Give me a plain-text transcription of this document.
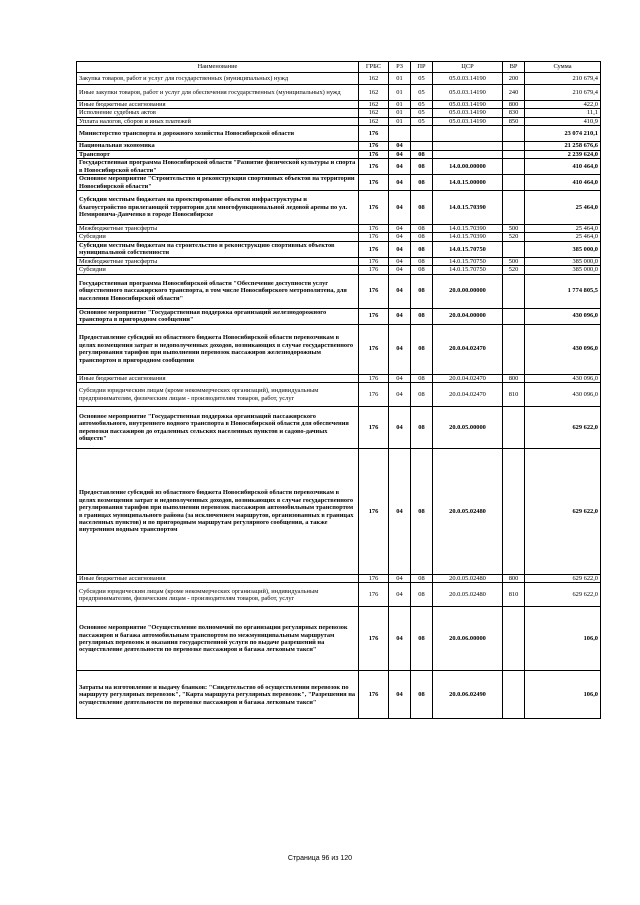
Наименование	ГРБС	РЗ	ПР	ЦСР	ВР	Сумма
Закупка товаров, работ и услуг для государственных (муниципальных) нужд	162	01	05	05.0.03.14190	200	210 679,4
Иные закупки товаров, работ и услуг для обеспечения государственных (муниципальных) нужд	162	01	05	05.0.03.14190	240	210 679,4
Иные бюджетные ассигнования	162	01	05	05.0.03.14190	800	422,0
Исполнение судебных актов	162	01	05	05.0.03.14190	830	11,1
Уплата налогов, сборов и иных платежей	162	01	05	05.0.03.14190	850	410,9
Министерство транспорта и дорожного хозяйства Новосибирской области	176					23 074 210,1
Национальная экономика	176	04				21 258 676,6
Транспорт	176	04	08			2 239 624,0
Государственная программа Новосибирской области "Развитие физической культуры и спорта в Новосибирской области"	176	04	08	14.0.00.00000		410 464,0
Основное мероприятие "Строительство и реконструкция спортивных объектов на территории Новосибирской области"	176	04	08	14.0.15.00000		410 464,0
Субсидии местным бюджетам на проектирование объектов инфраструктуры и благоустройство прилегающей территории для многофункциональной ледовой арены по ул. Немировича-Данченко в городе Новосибирске	176	04	08	14.0.15.70390		25 464,0
Межбюджетные трансферты	176	04	08	14.0.15.70390	500	25 464,0
Субсидии	176	04	08	14.0.15.70390	520	25 464,0
Субсидии местным бюджетам на строительство и реконструкцию спортивных объектов муниципальной собственности	176	04	08	14.0.15.70750		385 000,0
Межбюджетные трансферты	176	04	08	14.0.15.70750	500	385 000,0
Субсидии	176	04	08	14.0.15.70750	520	385 000,0
Государственная программа Новосибирской области "Обеспечение доступности услуг общественного пассажирского транспорта, в том числе Новосибирского метрополитена, для населения Новосибирской области"	176	04	08	20.0.00.00000		1 774 805,5
Основное мероприятие "Государственная поддержка организаций железнодорожного транспорта в пригородном сообщении"	176	04	08	20.0.04.00000		430 096,0
Предоставление субсидий из областного бюджета Новосибирской области перевозчикам в целях возмещения затрат и недополученных доходов, возникающих в случае государственного регулирования тарифов при выполнении перевозок пассажиров железнодорожным транспортом в пригородном сообщении	176	04	08	20.0.04.02470		430 096,0
Иные бюджетные ассигнования	176	04	08	20.0.04.02470	800	430 096,0
Субсидии юридическим лицам (кроме некоммерческих организаций), индивидуальным предпринимателям, физическим лицам - производителям товаров, работ, услуг	176	04	08	20.0.04.02470	810	430 096,0
Основное мероприятие "Государственная поддержка организаций пассажирского автомобильного, внутреннего водного транспорта в Новосибирской области для обеспечения перевозки пассажиров до отдаленных сельских населенных пунктов и садово-дачных обществ"	176	04	08	20.0.05.00000		629 622,0
Предоставление субсидий из областного бюджета Новосибирской области перевозчикам в целях возмещения затрат и недополученных доходов, возникающих в случае государственного регулирования тарифов при выполнении перевозок пассажиров автомобильным транспортом в границах муниципального района (за исключением маршрутов, организованных в границах населенных пунктов) и по пригородным маршрутам регулярного сообщения, а также внутренним водным транспортом	176	04	08	20.0.05.02480		629 622,0
Иные бюджетные ассигнования	176	04	08	20.0.05.02480	800	629 622,0
Субсидии юридическим лицам (кроме некоммерческих организаций), индивидуальным предпринимателям, физическим лицам - производителям товаров, работ, услуг	176	04	08	20.0.05.02480	810	629 622,0
Основное мероприятие "Осуществление полномочий по организации регулярных перевозок пассажиров и багажа автомобильным транспортом по межмуниципальным маршрутам регулярных перевозок и оказания государственной услуги по выдаче разрешений на осуществление деятельности по перевозке пассажиров и багажа легковым такси"	176	04	08	20.0.06.00000		106,0
Затраты на изготовление и выдачу бланков: "Свидетельство об осуществлении перевозок по маршруту регулярных перевозок", "Карта маршрута регулярных перевозок", "Разрешения на осуществление деятельности по перевозке пассажиров и багажа легковым такси"	176	04	08	20.0.06.02490		106,0
Страница 96 из 120
